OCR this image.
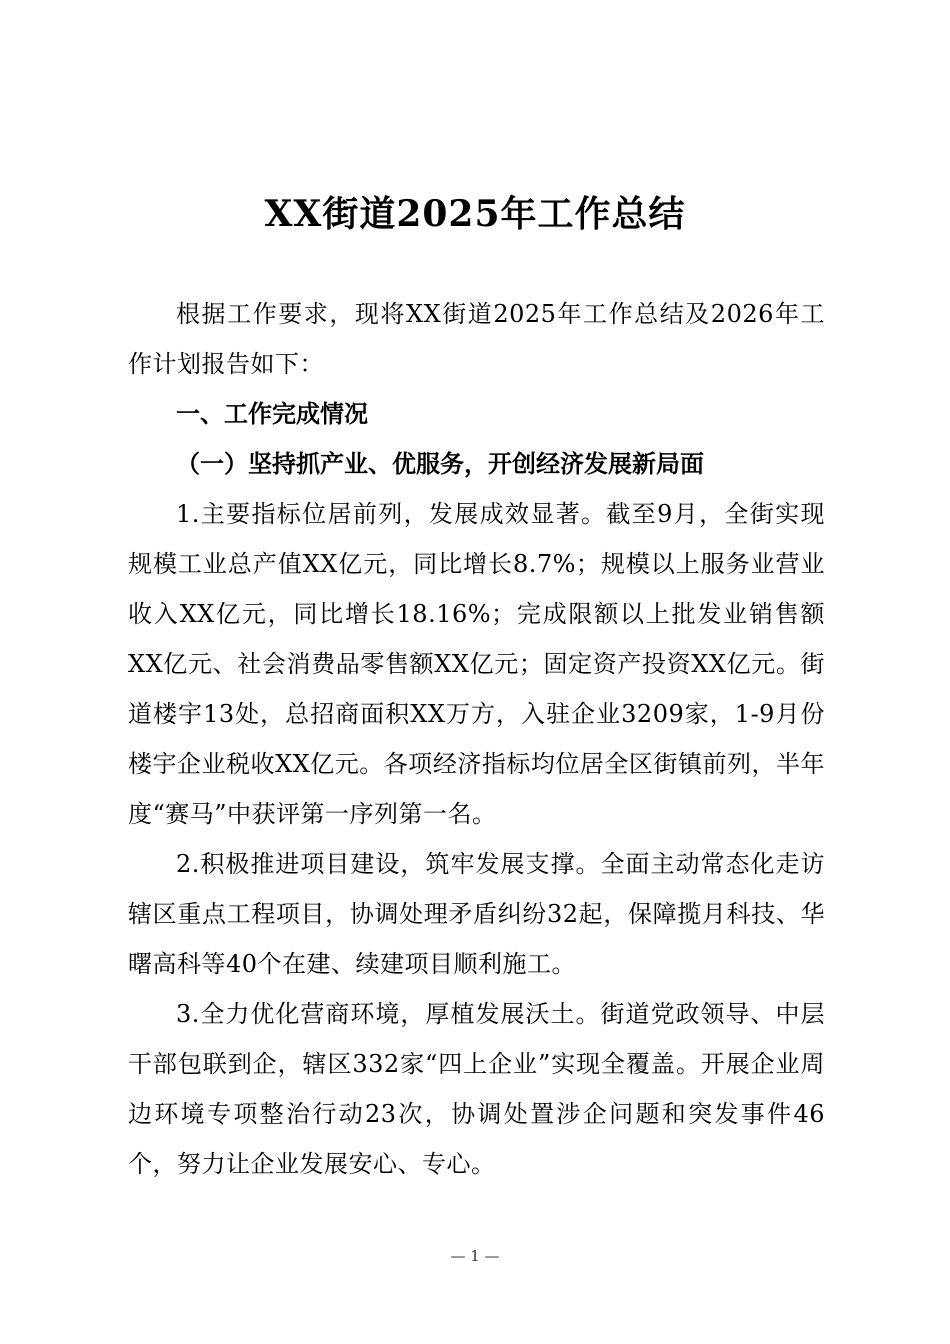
XX街道2025年工作总结

根据工作要求，现将XX街道2025年工作总结及2026年工作计划报告如下：

一、工作完成情况

（一）坚持抓产业、优服务，开创经济发展新局面

1.主要指标位居前列，发展成效显著。截至9月，全街实现规模工业总产值XX亿元，同比增长8.7%；规模以上服务业营业收入XX亿元，同比增长18.16%；完成限额以上批发业销售额XX亿元、社会消费品零售额XX亿元；固定资产投资XX亿元。街道楼宇13处，总招商面积XX万方，入驻企业3209家，1-9月份楼宇企业税收XX亿元。各项经济指标均位居全区街镇前列，半年度“赛马”中获评第一序列第一名。

2.积极推进项目建设，筑牢发展支撑。全面主动常态化走访辖区重点工程项目，协调处理矛盾纠纷32起，保障揽月科技、华曙高科等40个在建、续建项目顺利施工。

3.全力优化营商环境，厚植发展沃土。街道党政领导、中层干部包联到企，辖区332家“四上企业”实现全覆盖。开展企业周边环境专项整治行动23次，协调处置涉企问题和突发事件46个，努力让企业发展安心、专心。

— 1 —
